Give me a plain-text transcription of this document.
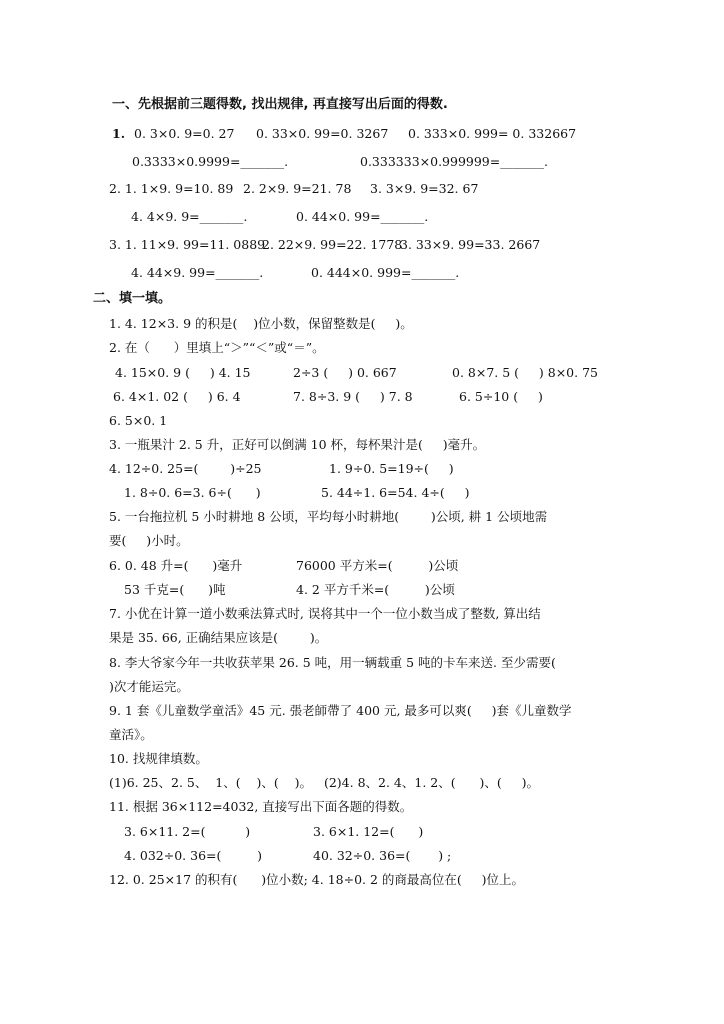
一、先根据前三题得数, 找出规律, 再直接写出后面的得数.
1. 0. 3×0. 9=0. 27 0. 33×0. 99=0. 3267 0. 333×0. 999= 0. 332667
0.3333×0.9999=_______.	0.333333×0.999999=_______.
2. 1. 1×9. 9=10. 89 2. 2×9. 9=21. 78 3. 3×9. 9=32. 67
4. 4×9. 9=_______.	0. 44×0. 99=_______.
3. 1. 11×9. 99=11. 0889
2. 22×9. 99=22. 1778
3. 33×9. 99=33. 2667
4. 44×9. 99=_______.	0. 444×0. 999=_______.
二、填一填。
1. 4. 12×3. 9 的积是(    )位小数，保留整数是(     )。
2. 在（      ）里填上“＞”“＜”或“＝”。
4. 15×0. 9 (     ) 4. 15	2÷3 (     ) 0. 667	0. 8×7. 5 (     ) 8×0. 75
6. 4×1. 02 (     ) 6. 4	7. 8÷3. 9 (     ) 7. 8	6. 5÷10 (     )
6. 5×0. 1
3. 一瓶果汁 2. 5 升，正好可以倒满 10 杯，每杯果汁是(     )毫升。
4. 12÷0. 25=(        )÷25	1. 9÷0. 5=19÷(     )
1. 8÷0. 6=3. 6÷(      )	5. 44÷1. 6=54. 4÷(     )
5. 一台拖拉机 5 小时耕地 8 公顷，平均每小时耕地(        )公顷, 耕 1 公顷地需
要(     )小时。
6. 0. 48 升=(      )毫升	76000 平方米=(         )公顷
53 千克=(      )吨	4. 2 平方千米=(         )公顷
7. 小优在计算一道小数乘法算式时, 误将其中一个一位小数当成了整数, 算出结
果是 35. 66, 正确结果应该是(        )。
8. 李大爷家今年一共收获苹果 26. 5 吨，用一辆载重 5 吨的卡车来送. 至少需要(
)次才能运完。
9. 1 套《儿童数学童活》45 元. 張老師帶了 400 元, 最多可以爽(     )套《儿童数学
童活》。
10. 找规律填数。
(1)6. 25、2. 5、  1、(    )、(    )。   (2)4. 8、2. 4、1. 2、(      )、(     )。
11. 根据 36×112=4032, 直接写出下面各题的得数。
3. 6×11. 2=(          )	3. 6×1. 12=(      )
4. 032÷0. 36=(         )	40. 32÷0. 36=(       ) ;
12. 0. 25×17 的积有(      )位小数; 4. 18÷0. 2 的商最高位在(     )位上。
